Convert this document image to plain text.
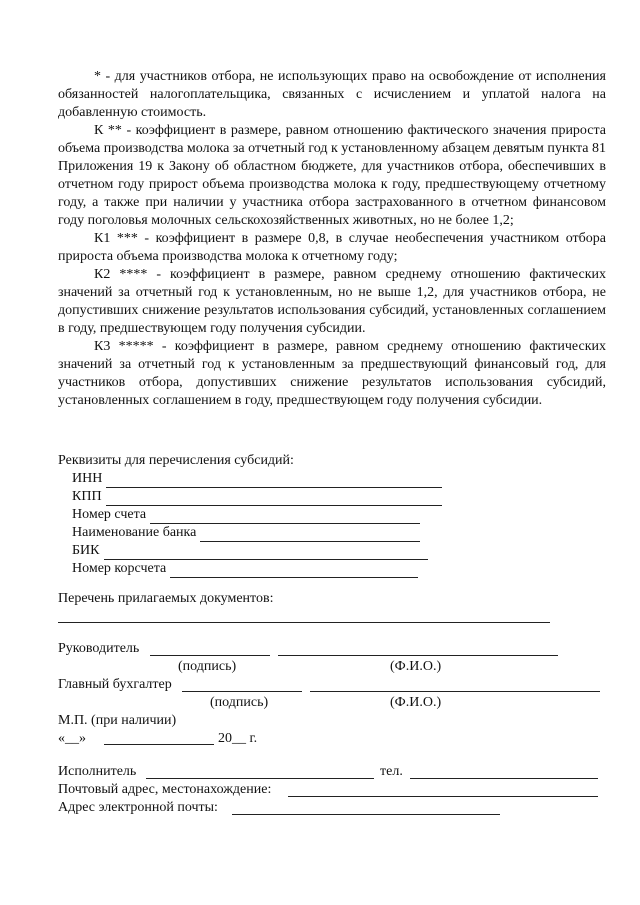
* - для участников отбора, не использующих право на освобождение от исполнения обязанностей налогоплательщика, связанных с исчислением и уплатой налога на добавленную стоимость.

К ** - коэффициент в размере, равном отношению фактического значения прироста объема производства молока за отчетный год к установленному абзацем девятым пункта 81 Приложения 19 к Закону об областном бюджете, для участников отбора, обеспечивших в отчетном году прирост объема производства молока к году, предшествующему отчетному году, а также при наличии у участника отбора застрахованного в отчетном финансовом году поголовья молочных сельскохозяйственных животных, но не более 1,2;

К1 *** - коэффициент в размере 0,8, в случае необеспечения участником отбора прироста объема производства молока к отчетному году;

К2 **** - коэффициент в размере, равном среднему отношению фактических значений за отчетный год к установленным, но не выше 1,2, для участников отбора, не допустивших снижение результатов использования субсидий, установленных соглашением в году, предшествующем году получения субсидии.

К3 ***** - коэффициент в размере, равном среднему отношению фактических значений за отчетный год к установленным за предшествующий финансовый год, для участников отбора, допустивших снижение результатов использования субсидий, установленных соглашением в году, предшествующем году получения субсидии.

Реквизиты для перечисления субсидий:
ИНН
КПП
Номер счета
Наименование банка
БИК
Номер корсчета
Перечень прилагаемых документов:
Руководитель
(подпись)	(Ф.И.О.)
Главный бухгалтер
(подпись)	(Ф.И.О.)
М.П. (при наличии)
«__»	20__ г.
Исполнитель	тел.
Почтовый адрес, местонахождение:
Адрес электронной почты:
